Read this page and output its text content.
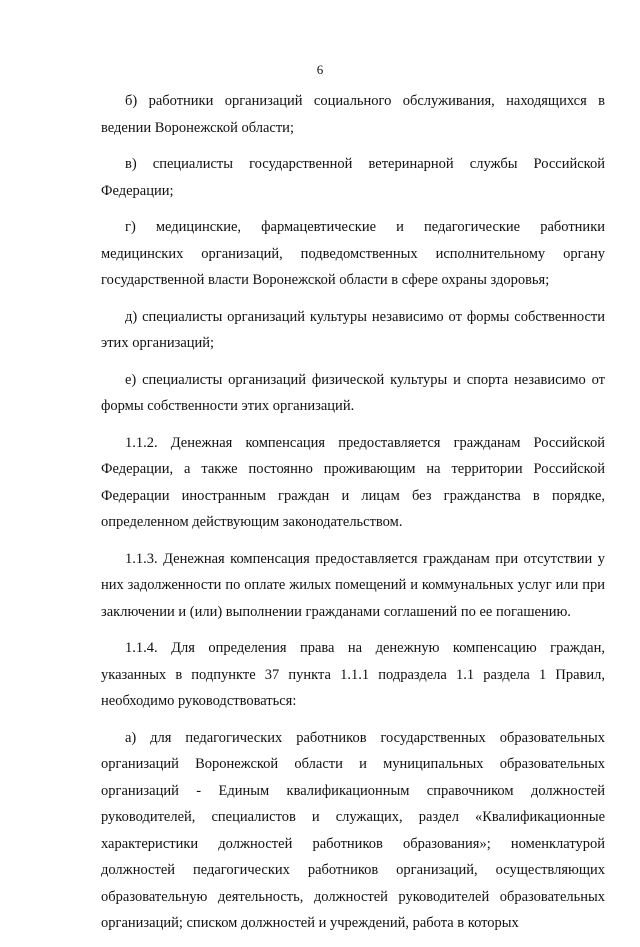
6

б) работники организаций социального обслуживания, находящихся в ведении Воронежской области;

в) специалисты государственной ветеринарной службы Российской Федерации;

г) медицинские, фармацевтические и педагогические работники медицинских организаций, подведомственных исполнительному органу государственной власти Воронежской области в сфере охраны здоровья;

д) специалисты организаций культуры независимо от формы собственности этих организаций;

е) специалисты организаций физической культуры и спорта независимо от формы собственности этих организаций.

1.1.2. Денежная компенсация предоставляется гражданам Российской Федерации, а также постоянно проживающим на территории Российской Федерации иностранным граждан и лицам без гражданства в порядке, определенном действующим законодательством.

1.1.3. Денежная компенсация предоставляется гражданам при отсутствии у них задолженности по оплате жилых помещений и коммунальных услуг или при заключении и (или) выполнении гражданами соглашений по ее погашению.

1.1.4. Для определения права на денежную компенсацию граждан, указанных в подпункте 37 пункта 1.1.1 подраздела 1.1 раздела 1 Правил, необходимо руководствоваться:

а) для педагогических работников государственных образовательных организаций Воронежской области и муниципальных образовательных организаций - Единым квалификационным справочником должностей руководителей, специалистов и служащих, раздел «Квалификационные характеристики должностей работников образования»; номенклатурой должностей педагогических работников организаций, осуществляющих образовательную деятельность, должностей руководителей образовательных организаций; списком должностей и учреждений, работа в которых
